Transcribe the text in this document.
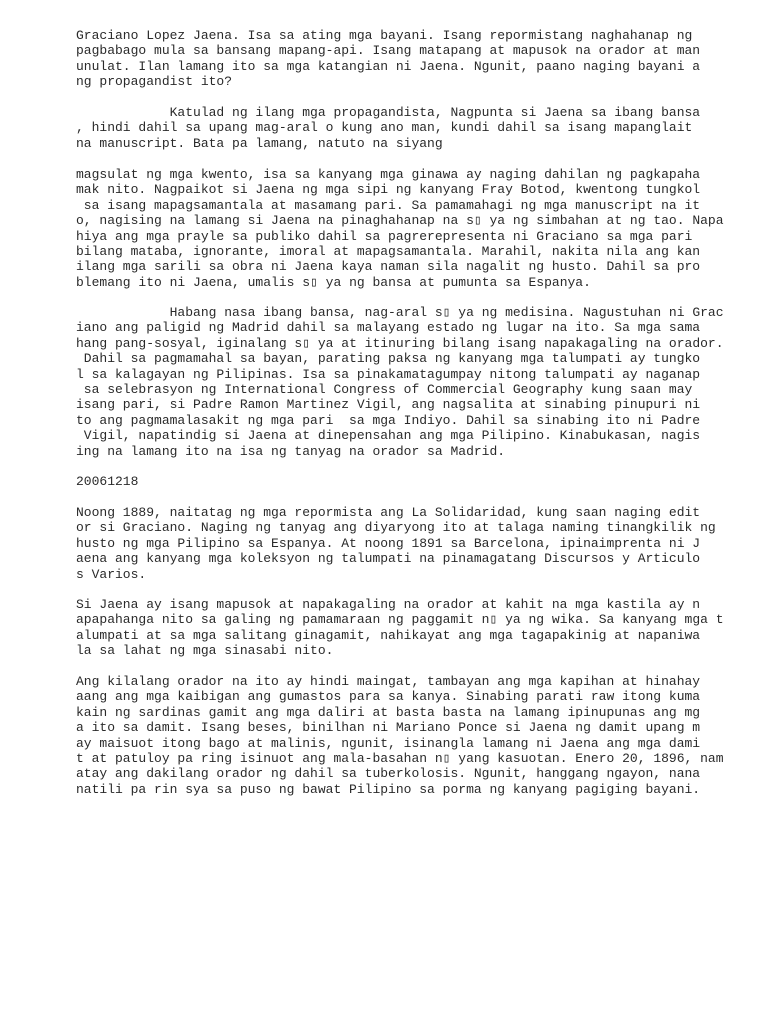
Graciano Lopez Jaena. Isa sa ating mga bayani. Isang repormistang naghahanap ng
pagbabago mula sa bansang mapang-api. Isang matapang at mapusok na orador at man
unulat. Ilan lamang ito sa mga katangian ni Jaena. Ngunit, paano naging bayani a
ng propagandist ito?

Katulad ng ilang mga propagandista, Nagpunta si Jaena sa ibang bansa
, hindi dahil sa upang mag-aral o kung ano man, kundi dahil sa isang mapanglait
na manuscript. Bata pa lamang, natuto na siyang

magsulat ng mga kwento, isa sa kanyang mga ginawa ay naging dahilan ng pagkapaha
mak nito. Nagpaikot si Jaena ng mga sipi ng kanyang Fray Botod, kwentong tungkol
sa isang mapagsamantala at masamang pari. Sa pamamahagi ng mga manuscript na it
o, nagising na lamang si Jaena na pinaghahanap na s▯ ya ng simbahan at ng tao. Napa
hiya ang mga prayle sa publiko dahil sa pagrerepresenta ni Graciano sa mga pari
bilang mataba, ignorante, imoral at mapagsamantala. Marahil, nakita nila ang kan
ilang mga sarili sa obra ni Jaena kaya naman sila nagalit ng husto. Dahil sa pro
blemang ito ni Jaena, umalis s▯ ya ng bansa at pumunta sa Espanya.

Habang nasa ibang bansa, nag-aral s▯ ya ng medisina. Nagustuhan ni Grac
iano ang paligid ng Madrid dahil sa malayang estado ng lugar na ito. Sa mga sama
hang pang-sosyal, iginalang s▯ ya at itinuring bilang isang napakagaling na orador.
Dahil sa pagmamahal sa bayan, parating paksa ng kanyang mga talumpati ay tungko
l sa kalagayan ng Pilipinas. Isa sa pinakamatagumpay nitong talumpati ay naganap
sa selebrasyon ng International Congress of Commercial Geography kung saan may
isang pari, si Padre Ramon Martinez Vigil, ang nagsalita at sinabing pinupuri ni
to ang pagmamalasakit ng mga pari  sa mga Indiyo. Dahil sa sinabing ito ni Padre
Vigil, napatindig si Jaena at dinepensahan ang mga Pilipino. Kinabukasan, nagis
ing na lamang ito na isa ng tanyag na orador sa Madrid.

20061218

Noong 1889, naitatag ng mga repormista ang La Solidaridad, kung saan naging edit
or si Graciano. Naging ng tanyag ang diyaryong ito at talaga naming tinangkilik ng
husto ng mga Pilipino sa Espanya. At noong 1891 sa Barcelona, ipinaimprenta ni J
aena ang kanyang mga koleksyon ng talumpati na pinamagatang Discursos y Articulo
s Varios.

Si Jaena ay isang mapusok at napakagaling na orador at kahit na mga kastila ay n
apapahanga nito sa galing ng pamamaraan ng paggamit n▯ ya ng wika. Sa kanyang mga t
alumpati at sa mga salitang ginagamit, nahikayat ang mga tagapakinig at napaniwa
la sa lahat ng mga sinasabi nito.

Ang kilalang orador na ito ay hindi maingat, tambayan ang mga kapihan at hinahay
aang ang mga kaibigan ang gumastos para sa kanya. Sinabing parati raw itong kuma
kain ng sardinas gamit ang mga daliri at basta basta na lamang ipinupunas ang mg
a ito sa damit. Isang beses, binilhan ni Mariano Ponce si Jaena ng damit upang m
ay maisuot itong bago at malinis, ngunit, isinangla lamang ni Jaena ang mga dami
t at patuloy pa ring isinuot ang mala-basahan n▯ yang kasuotan. Enero 20, 1896, nam
atay ang dakilang orador ng dahil sa tuberkolosis. Ngunit, hanggang ngayon, nana
natili pa rin sya sa puso ng bawat Pilipino sa porma ng kanyang pagiging bayani.
